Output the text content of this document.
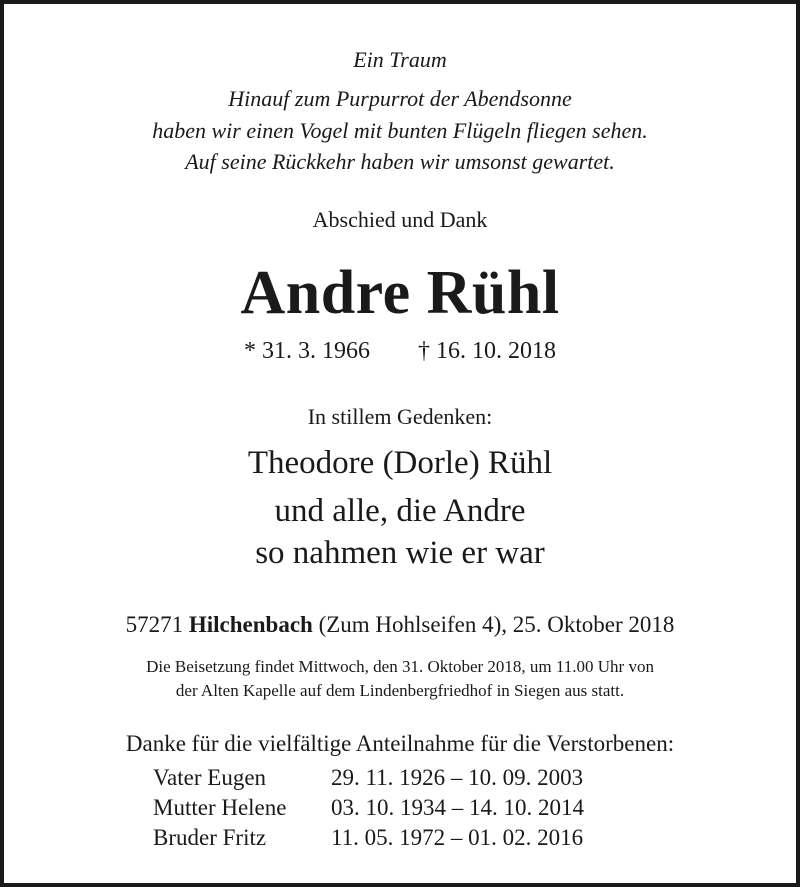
Ein Traum
Hinauf zum Purpurrot der Abendsonne
haben wir einen Vogel mit bunten Flügeln fliegen sehen.
Auf seine Rückkehr haben wir umsonst gewartet.
Abschied und Dank
Andre Rühl
* 31. 3. 1966 † 16. 10. 2018
In stillem Gedenken:
Theodore (Dorle) Rühl
und alle, die Andre
so nahmen wie er war
57271 Hilchenbach (Zum Hohlseifen 4), 25. Oktober 2018
Die Beisetzung findet Mittwoch, den 31. Oktober 2018, um 11.00 Uhr von
der Alten Kapelle auf dem Lindenbergfriedhof in Siegen aus statt.
Danke für die vielfältige Anteilnahme für die Verstorbenen:
Vater Eugen	29. 11. 1926 – 10. 09. 2003
Mutter Helene	03. 10. 1934 – 14. 10. 2014
Bruder Fritz	11. 05. 1972 – 01. 02. 2016
